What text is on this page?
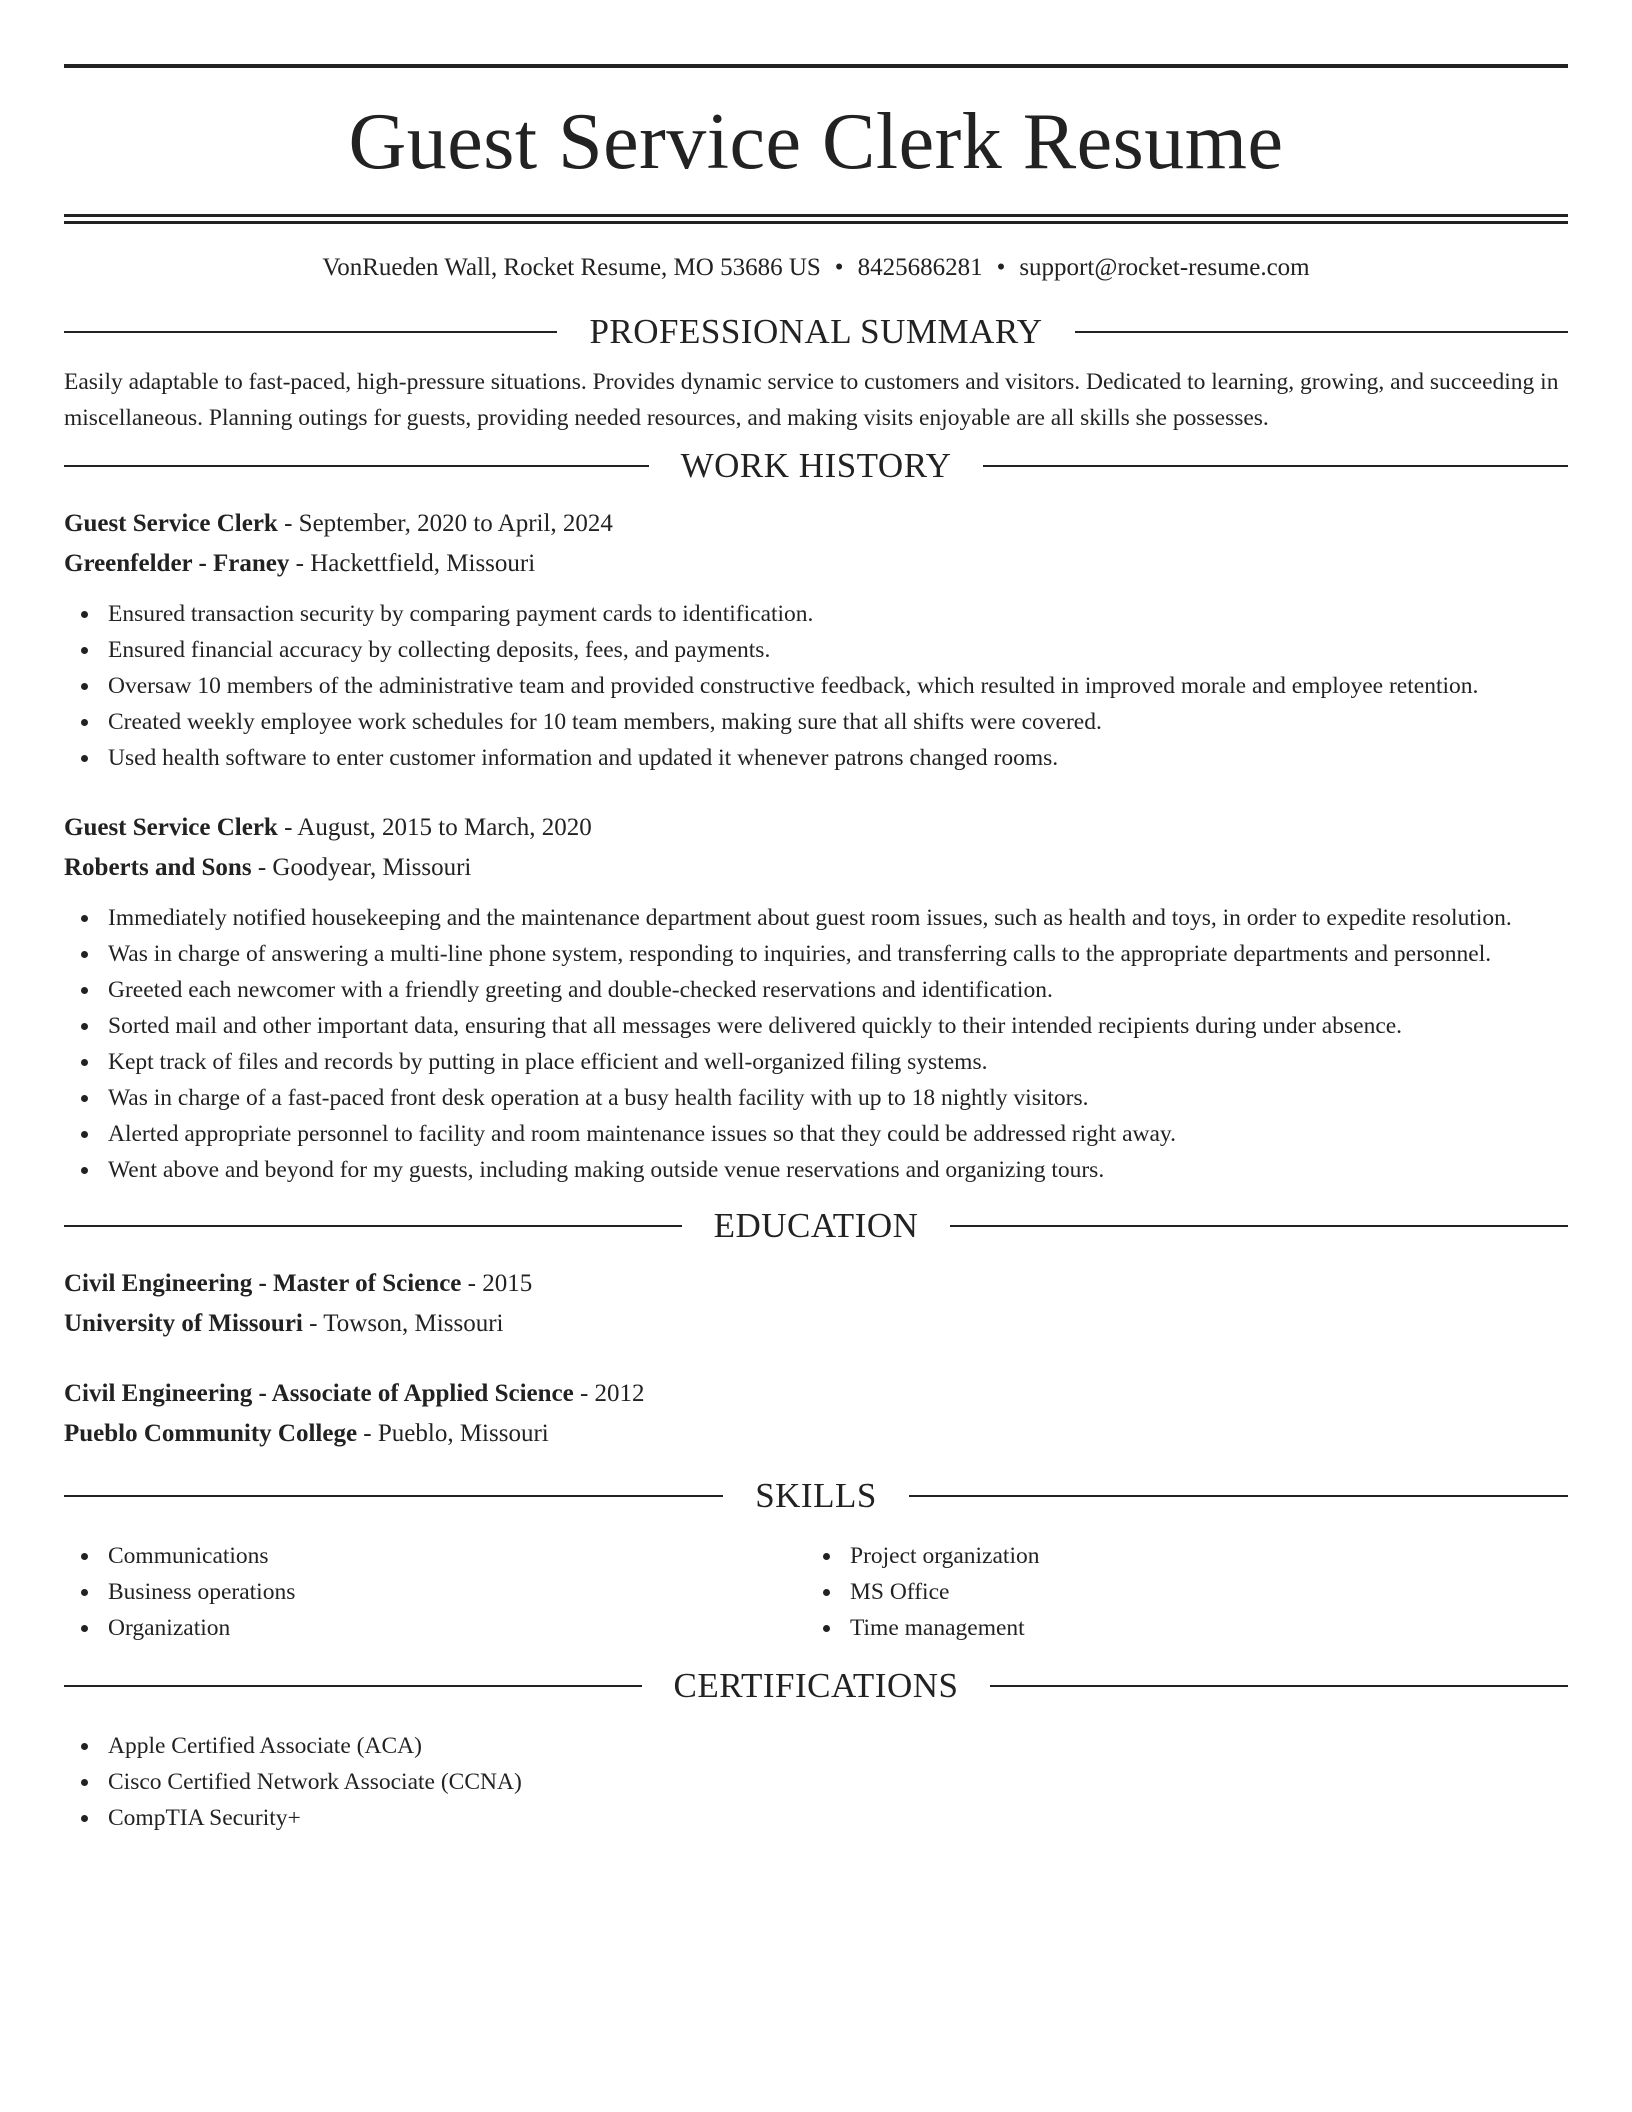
Guest Service Clerk Resume
VonRueden Wall, Rocket Resume, MO 53686 US • 8425686281 • support@rocket-resume.com
PROFESSIONAL SUMMARY

Easily adaptable to fast-paced, high-pressure situations. Provides dynamic service to customers and visitors. Dedicated to learning, growing, and succeeding in miscellaneous. Planning outings for guests, providing needed resources, and making visits enjoyable are all skills she possesses.

WORK HISTORY
Guest Service Clerk - September, 2020 to April, 2024
Greenfelder - Franey - Hackettfield, Missouri
Ensured transaction security by comparing payment cards to identification.
Ensured financial accuracy by collecting deposits, fees, and payments.
Oversaw 10 members of the administrative team and provided constructive feedback, which resulted in improved morale and employee retention.
Created weekly employee work schedules for 10 team members, making sure that all shifts were covered.
Used health software to enter customer information and updated it whenever patrons changed rooms.
Guest Service Clerk - August, 2015 to March, 2020
Roberts and Sons - Goodyear, Missouri
Immediately notified housekeeping and the maintenance department about guest room issues, such as health and toys, in order to expedite resolution.
Was in charge of answering a multi-line phone system, responding to inquiries, and transferring calls to the appropriate departments and personnel.
Greeted each newcomer with a friendly greeting and double-checked reservations and identification.
Sorted mail and other important data, ensuring that all messages were delivered quickly to their intended recipients during under absence.
Kept track of files and records by putting in place efficient and well-organized filing systems.
Was in charge of a fast-paced front desk operation at a busy health facility with up to 18 nightly visitors.
Alerted appropriate personnel to facility and room maintenance issues so that they could be addressed right away.
Went above and beyond for my guests, including making outside venue reservations and organizing tours.
EDUCATION
Civil Engineering - Master of Science - 2015
University of Missouri - Towson, Missouri
Civil Engineering - Associate of Applied Science - 2012
Pueblo Community College - Pueblo, Missouri
SKILLS
Communications
Business operations
Organization
Project organization
MS Office
Time management
CERTIFICATIONS
Apple Certified Associate (ACA)
Cisco Certified Network Associate (CCNA)
CompTIA Security+
